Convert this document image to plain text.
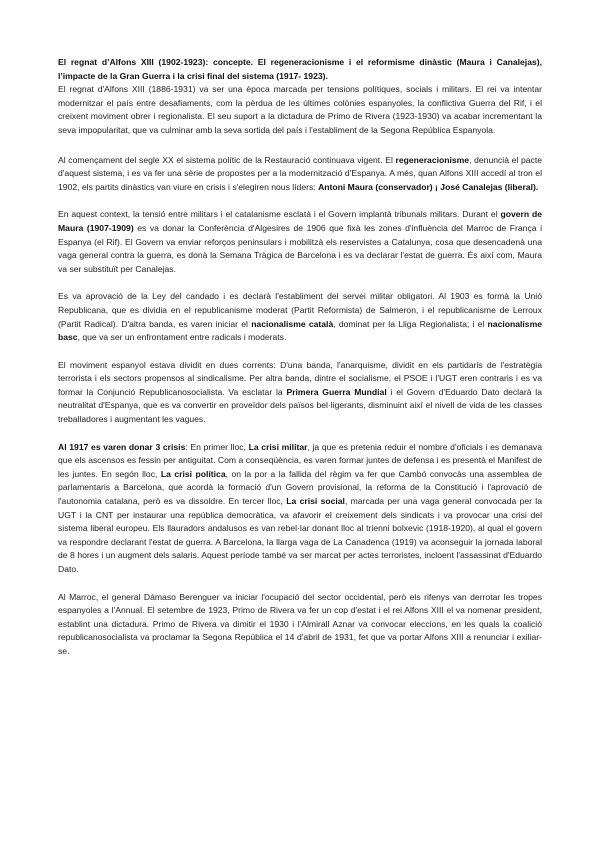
El regnat d’Alfons XIII (1902-1923): concepte. El regeneracionisme i el reformisme dinàstic (Maura i Canalejas), l’impacte de la Gran Guerra i la crisi final del sistema (1917- 1923).

El regnat d'Alfons XIII (1886-1931) va ser una època marcada per tensions polítiques, socials i militars. El rei va intentar modernitzar el país entre desafiaments, com la pèrdua de les últimes colònies espanyoles, la conflictiva Guerra del Rif, i el creixent moviment obrer i regionalista. El seu suport a la dictadura de Primo de Rivera (1923-1930) va acabar incrementant la seva impopularitat, que va culminar amb la seva sortida del país i l'establiment de la Segona República Espanyola.

Al començament del segle XX el sistema polític de la Restauració continuava vigent. El regeneracionisme, denuncià el pacte d'aquest sistema, i es va fer una sèrie de propostes per a la modernització d'Espanya. A més, quan Alfons XIII accedí al tron el 1902, els partits dinàstics van viure en crisis i s'elegiren nous líders: Antoni Maura (conservador) ¡ José Canalejas (liberal).

En aquest context, la tensió entre militars i el catalanisme esclatà i el Govern implantà tribunals militars. Durant el govern de Maura (1907-1909) es va donar la Conferència d'Algesires de 1906 que fixà les zones d'influència del Marroc de França i Espanya (el Rif). El Govern va enviar reforços peninsulars i mobilitzà els reservistes a Catalunya, cosa que desencadenà una vaga general contra la guerra, es donà la Semana Tràgica de Barcelona i es va declarar l'estat de guerra. És així com, Maura va ser substituït per Canalejas.

Es va aprovació de la Ley del candado i es declarà l'establiment del servei militar obligatori. Al 1903 es formà la Unió Republicana, que es dividia en el republicanisme moderat (Partit Reformista) de Salmeron, i el republicanisme de Lerroux (Partit Radical). D'altra banda, es varen iniciar el nacionalisme català, dominat per la Lliga Regionalista; i el nacionalisme basc, que va ser un enfrontament entre radicals i moderats.

El moviment espanyol estava dividit en dues corrents: D'una banda, l'anarquisme, dividit en els partidaris de l'estratègia terrorista i els sectors propensos al sindicalisme. Per altra banda, dintre el socialisme, el PSOE i l'UGT eren contraris i es va formar la Conjunció Republicanosocialista. Va esclatar la Primera Guerra Mundial i el Govern d'Eduardo Dato declarà la neutralitat d'Espanya, que es va convertir en proveïdor dels països bel·ligerants, disminuint així el nivell de vida de les classes treballadores i augmentant les vagues.

Al 1917 es varen donar 3 crisis: En primer lloc, La crisi militar, ja que es pretenia reduir el nombre d'oficials i es demanava que els ascensos es fessin per antiguitat. Com a conseqüència, es varen formar juntes de defensa i es presentà el Manifest de les juntes. En segón lloc, La crisi política, on la por a la fallida del règim va fer que Cambó convocàs una assemblea de parlamentaris a Barcelona, que acordà la formació d'un Govern provisional, la reforma de la Constitució i l'aprovació de l'autonomia catalana, però es va dissoldre. En tercer lloc, La crisi social, marcada per una vaga general convocada per la UGT i la CNT per instaurar una república democràtica, va afavorir el creixement dels sindicats i va provocar una crisi del sistema liberal europeu. Els llauradors andalusos es van rebel·lar donant lloc al trienni bolxevic (1918-1920), al qual el govern va respondre declarant l'estat de guerra. A Barcelona, la llarga vaga de La Canadenca (1919) va aconseguir la jornada laboral de 8 hores i un augment dels salaris. Aquest període també va ser marcat per actes terroristes, incloent l'assassinat d'Eduardo Dato.

Al Marroc, el general Dámaso Berenguer va iniciar l'ocupació del sector occidental, però els rifenys van derrotar les tropes espanyoles a l'Annual. El setembre de 1923, Primo de Rivera va fer un cop d'estat i el rei Alfons XIII el va nomenar president, establint una dictadura. Primo de Rivera va dimitir el 1930 i l'Almirall Aznar va convocar eleccions, en les quals la coalició republicanosocialista va proclamar la Segona República el 14 d'abril de 1931, fet que va portar Alfons XIII a renunciar i exiliar-se.
